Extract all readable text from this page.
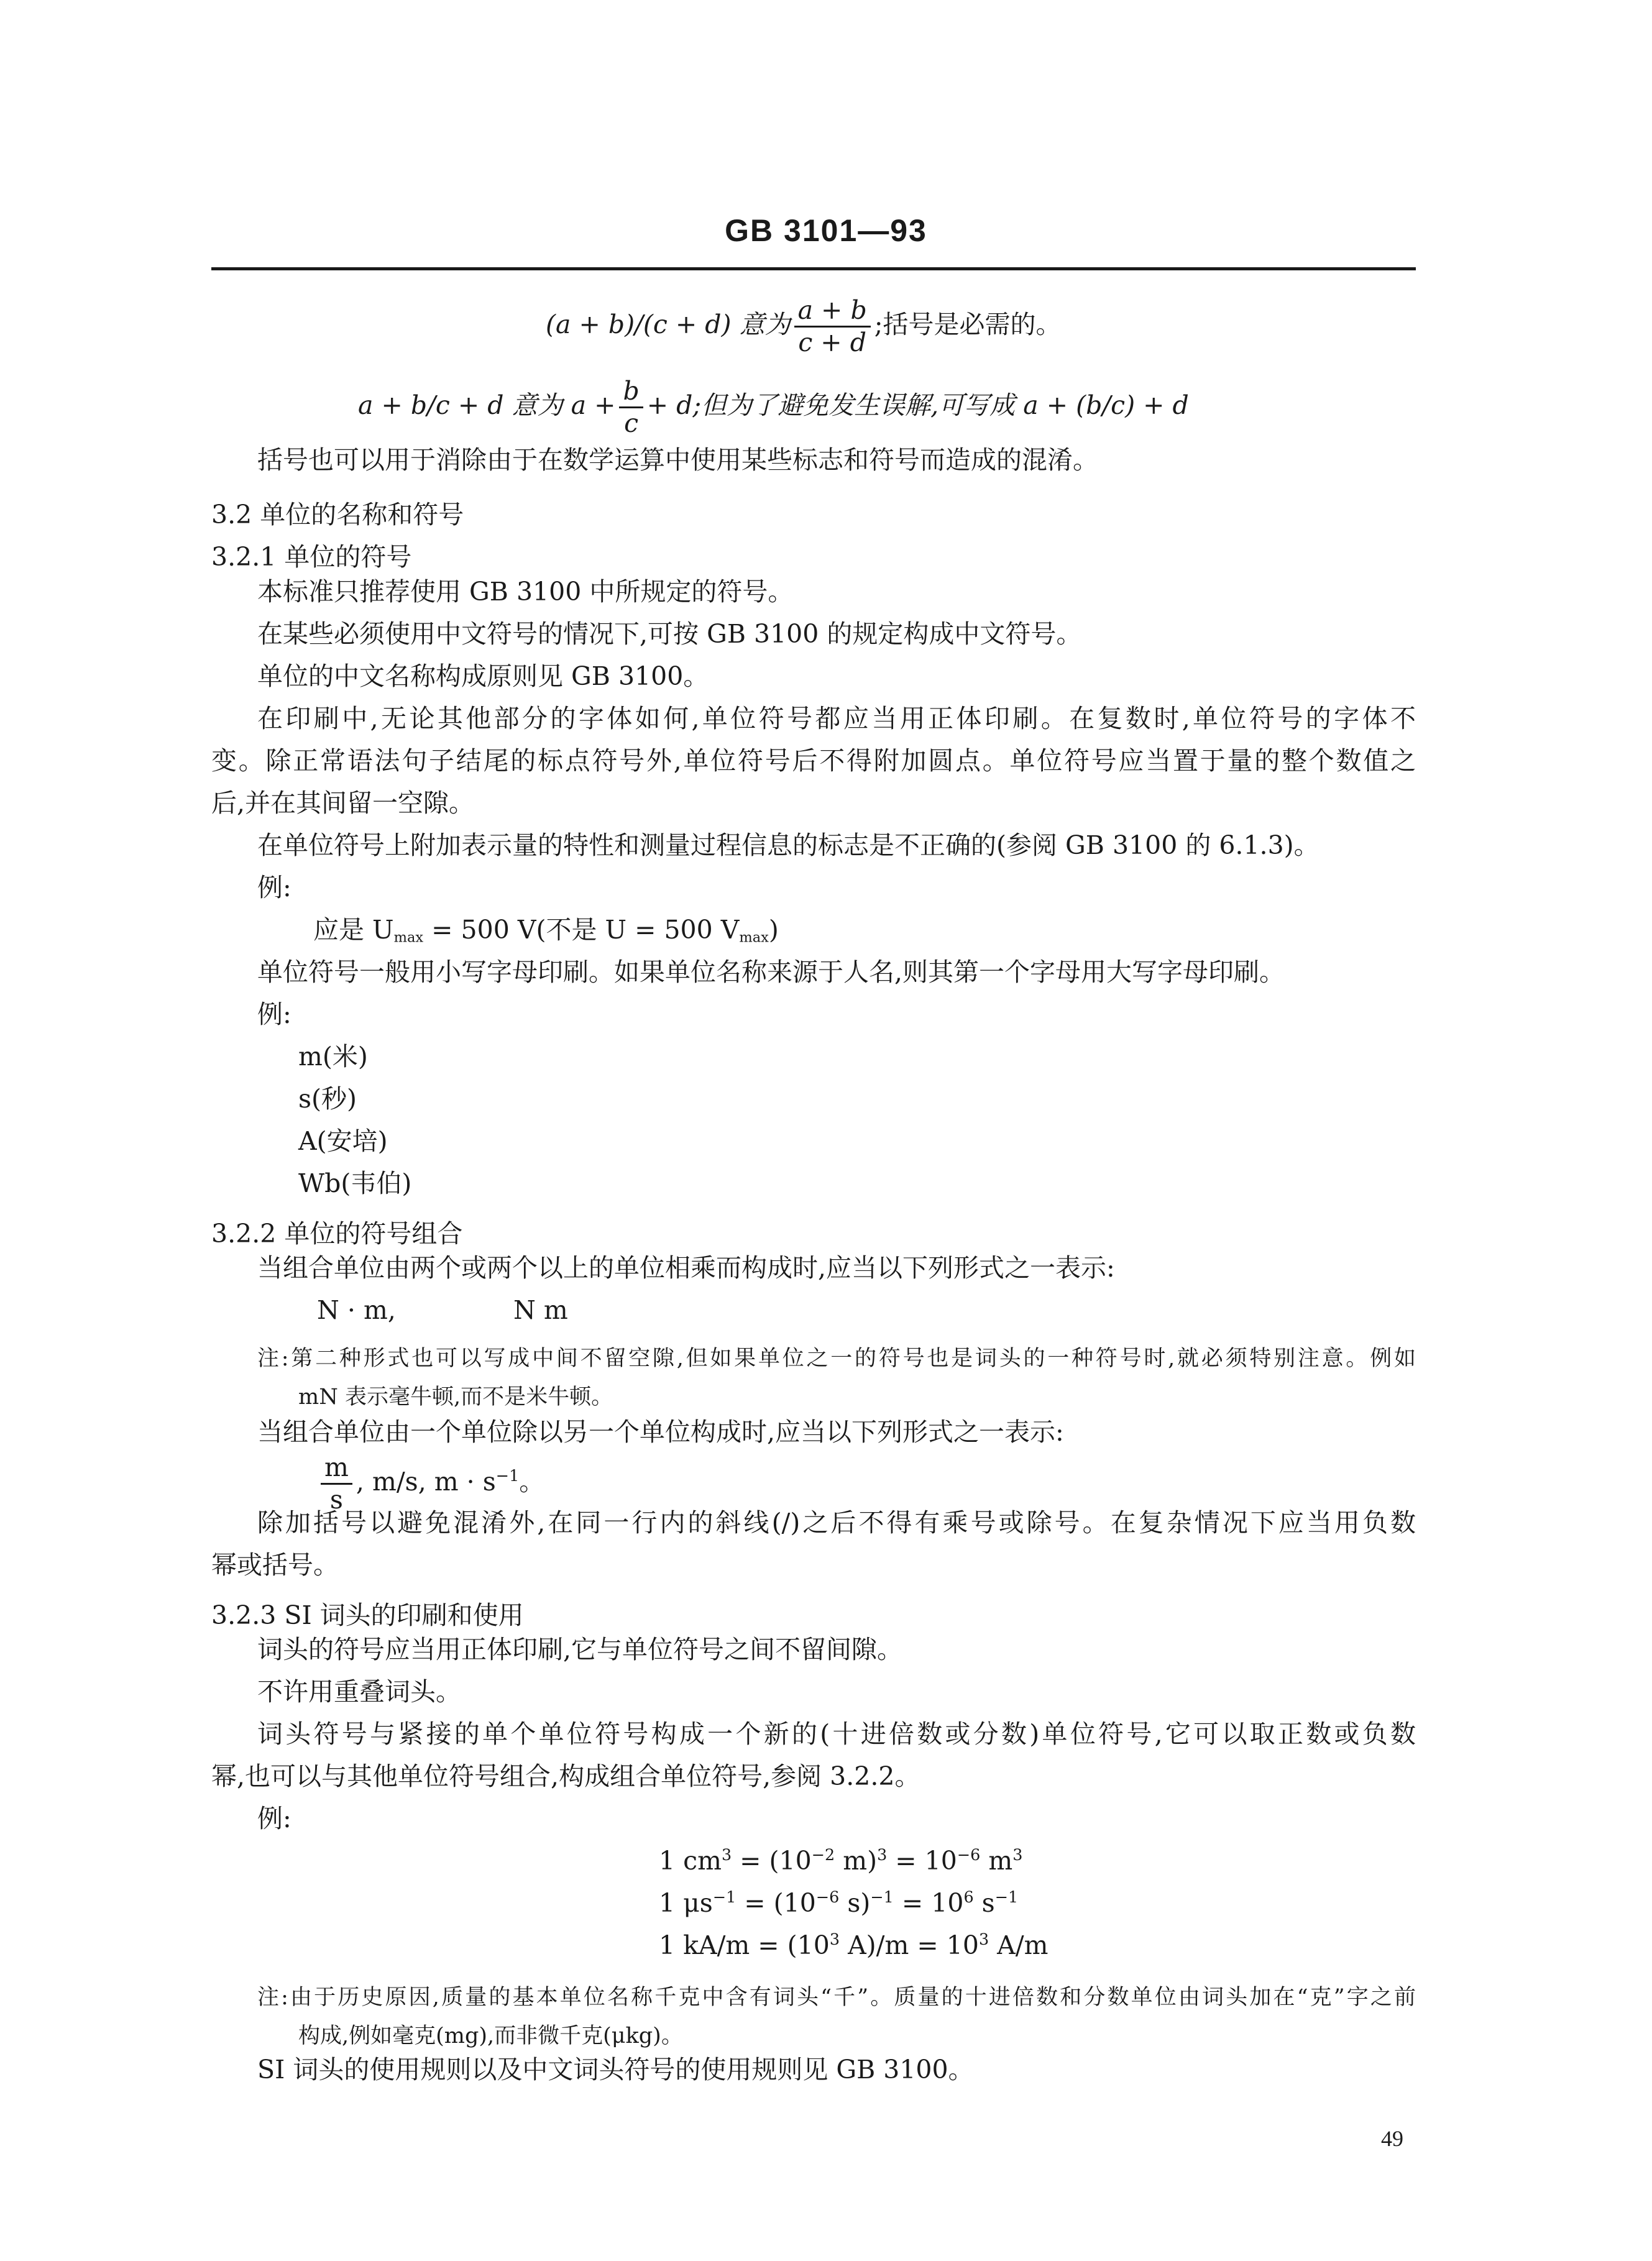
GB 3101—93
(a + b)/(c + d) 意为 $\frac{a + b}{c + d}$ ;括号是必需的。
a + b/c + d 意为 $a + \frac{b}{c} + d$;但为了避免发生误解,可写成 a + (b/c) + d
括号也可以用于消除由于在数学运算中使用某些标志和符号而造成的混淆。
3.2 单位的名称和符号
3.2.1 单位的符号
本标准只推荐使用 GB 3100 中所规定的符号。
在某些必须使用中文符号的情况下,可按 GB 3100 的规定构成中文符号。
单位的中文名称构成原则见 GB 3100。
在印刷中,无论其他部分的字体如何,单位符号都应当用正体印刷。在复数时,单位符号的字体不
变。除正常语法句子结尾的标点符号外,单位符号后不得附加圆点。单位符号应当置于量的整个数值之
后,并在其间留一空隙。
在单位符号上附加表示量的特性和测量过程信息的标志是不正确的(参阅 GB 3100 的 6.1.3)。
例:
应是 $U_{max} = 500$ V(不是 U = 500 $V_{max}$)
单位符号一般用小写字母印刷。如果单位名称来源于人名,则其第一个字母用大写字母印刷。
例:
m(米)
s(秒)
A(安培)
Wb(韦伯)
3.2.2 单位的符号组合
当组合单位由两个或两个以上的单位相乘而构成时,应当以下列形式之一表示:
N · m,	N m
注:第二种形式也可以写成中间不留空隙,但如果单位之一的符号也是词头的一种符号时,就必须特别注意。例如
mN 表示毫牛顿,而不是米牛顿。
当组合单位由一个单位除以另一个单位构成时,应当以下列形式之一表示:
$\frac{m}{s}$ , m/s, $m \cdot s^{-1}$。
除加括号以避免混淆外,在同一行内的斜线(/)之后不得有乘号或除号。在复杂情况下应当用负数
幂或括号。
3.2.3 SI 词头的印刷和使用
词头的符号应当用正体印刷,它与单位符号之间不留间隙。
不许用重叠词头。
词头符号与紧接的单个单位符号构成一个新的(十进倍数或分数)单位符号,它可以取正数或负数
幂,也可以与其他单位符号组合,构成组合单位符号,参阅 3.2.2。
例:
1 $cm^3 = (10^{-2}$ $m)^3 = 10^{-6}$ $m^3$
1 $\mu s^{-1} = (10^{-6}$ $s)^{-1} = 10^6$ $s^{-1}$
1 $kA/m = (10^3$ $A)/m = 10^3$ A/m
注:由于历史原因,质量的基本单位名称千克中含有词头“千”。质量的十进倍数和分数单位由词头加在“克”字之前
构成,例如毫克(mg),而非微千克(μkg)。
SI 词头的使用规则以及中文词头符号的使用规则见 GB 3100。
49
